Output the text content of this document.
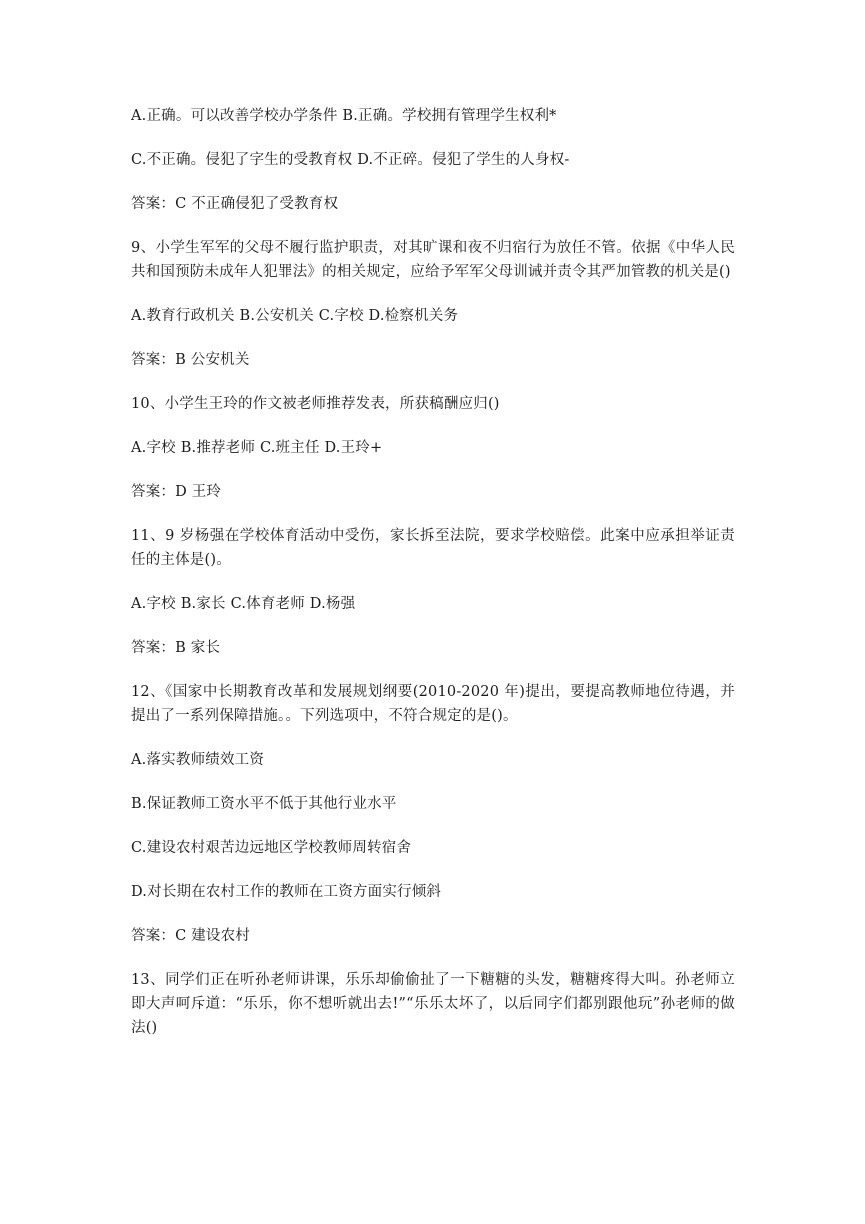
A.正确。可以改善学校办学条件 B.正确。学校拥有管理学生权利*

C.不正确。侵犯了字生的受教育权 D.不正碎。侵犯了学生的人身权-

答案：C 不正确侵犯了受教育权

9、小学生军军的父母不履行监护职责，对其旷课和夜不归宿行为放任不管。依据《中华人民共和国预防未成年人犯罪法》的相关规定，应给予军军父母训诫并责令其严加管教的机关是()

A.教育行政机关 B.公安机关 C.字校 D.检察机关务

答案：B 公安机关

10、小学生王玲的作文被老师推荐发表，所获稿酬应归()

A.字校 B.推荐老师 C.班主任 D.王玲+

答案：D 王玲

11、9 岁杨强在学校体育活动中受伤，家长拆至法院，要求学校赔偿。此案中应承担举证责任的主体是()。

A.字校 B.家长 C.体育老师 D.杨强

答案：B 家长

12、《国家中长期教育改革和发展规划纲要(2010-2020 年)提出，要提高教师地位待遇，并提出了一系列保障措施。。下列选项中，不符合规定的是()。

A.落实教师绩效工资

B.保证教师工资水平不低于其他行业水平

C.建设农村艰苦边远地区学校教师周转宿舍

D.对长期在农村工作的教师在工资方面实行倾斜

答案：C 建设农村

13、同学们正在听孙老师讲课，乐乐却偷偷扯了一下糖糖的头发，糖糖疼得大叫。孙老师立即大声呵斥道：“乐乐，你不想听就出去!”“乐乐太坏了，以后同字们都别跟他玩”孙老师的做法()
